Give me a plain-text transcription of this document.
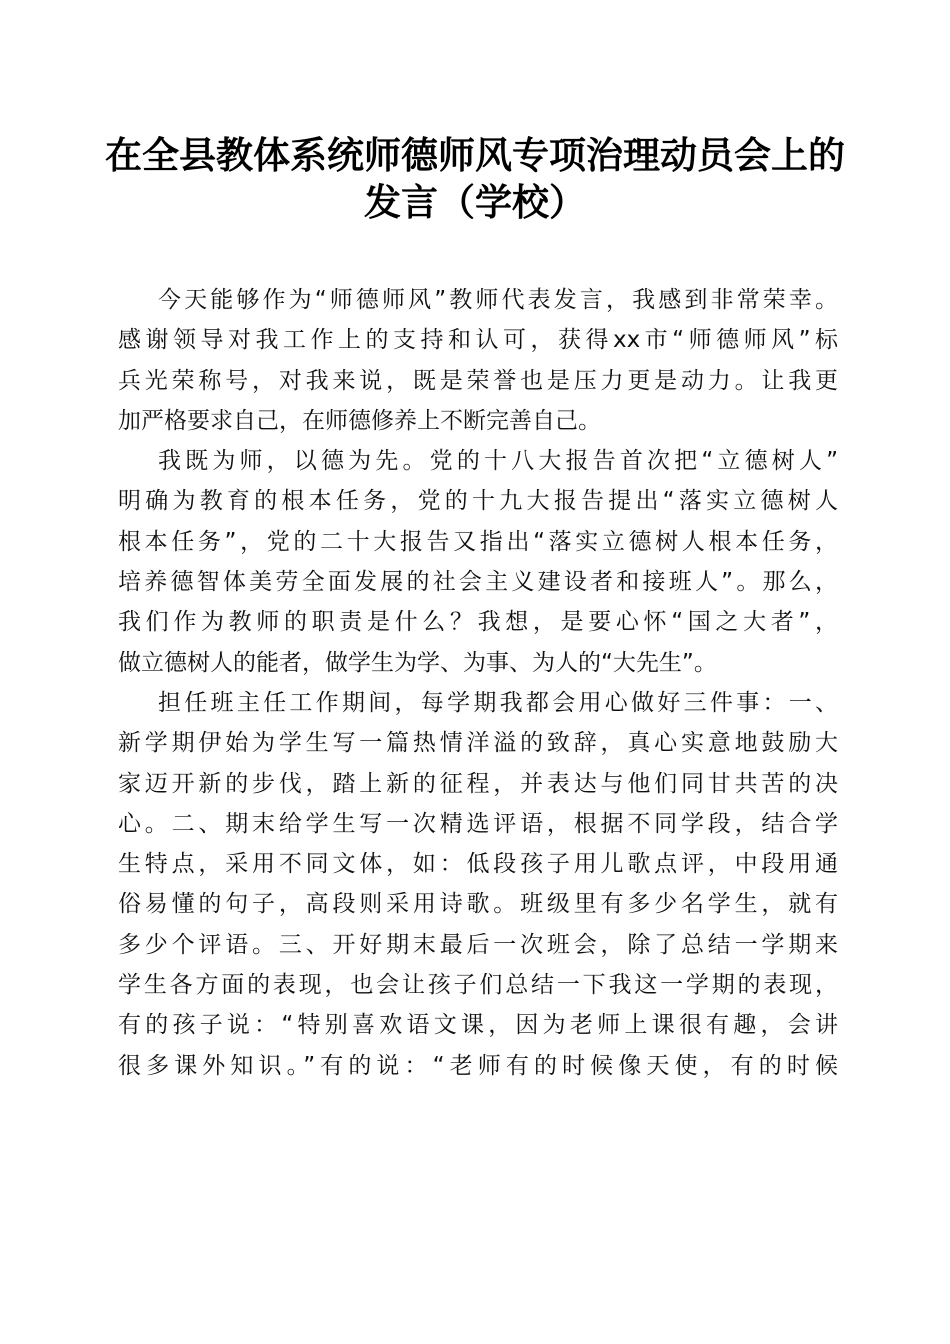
在全县教体系统师德师风专项治理动员会上的
发言（学校）
今天能够作为“师德师风”教师代表发言，我感到非常荣幸。
感谢领导对我工作上的支持和认可，获得xx市“师德师风”标
兵光荣称号，对我来说，既是荣誉也是压力更是动力。让我更
加严格要求自己，在师德修养上不断完善自己。
我既为师，以德为先。党的十八大报告首次把“立德树人”
明确为教育的根本任务，党的十九大报告提出“落实立德树人
根本任务”，党的二十大报告又指出“落实立德树人根本任务，
培养德智体美劳全面发展的社会主义建设者和接班人”。那么，
我们作为教师的职责是什么？我想，是要心怀“国之大者”，
做立德树人的能者，做学生为学、为事、为人的“大先生”。
担任班主任工作期间，每学期我都会用心做好三件事：一、
新学期伊始为学生写一篇热情洋溢的致辞，真心实意地鼓励大
家迈开新的步伐，踏上新的征程，并表达与他们同甘共苦的决
心。二、期末给学生写一次精选评语，根据不同学段，结合学
生特点，采用不同文体，如：低段孩子用儿歌点评，中段用通
俗易懂的句子，高段则采用诗歌。班级里有多少名学生，就有
多少个评语。三、开好期末最后一次班会，除了总结一学期来
学生各方面的表现，也会让孩子们总结一下我这一学期的表现，
有的孩子说：“特别喜欢语文课，因为老师上课很有趣，会讲
很多课外知识。”有的说：“老师有的时候像天使，有的时候
